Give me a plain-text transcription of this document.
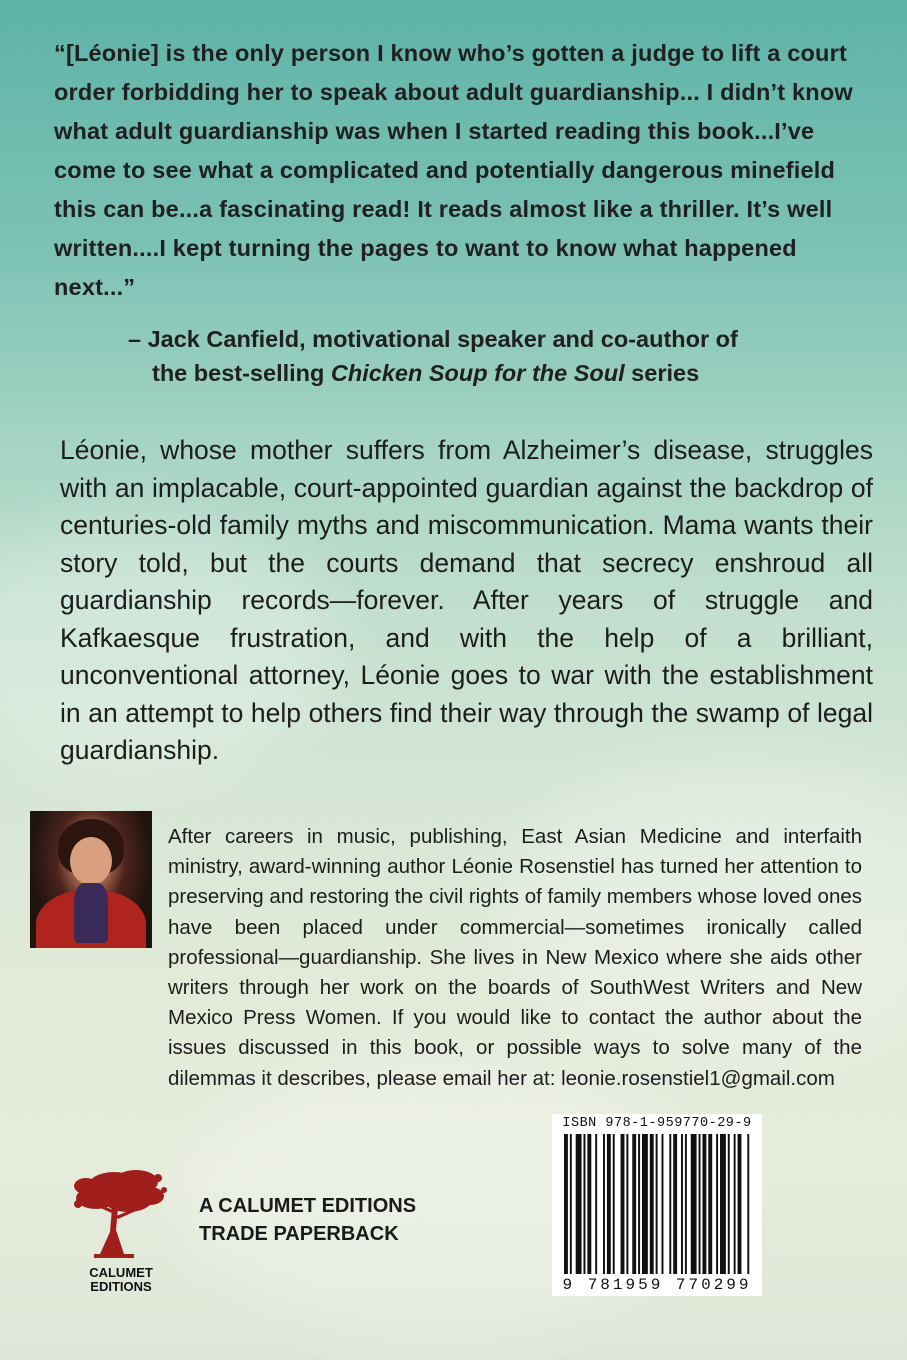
“[Léonie] is the only person I know who’s gotten a judge to lift a court order forbidding her to speak about adult guardianship... I didn’t know what adult guardianship was when I started reading this book...I’ve come to see what a complicated and potentially dangerous minefield this can be...a fascinating read! It reads almost like a thriller. It’s well written....I kept turning the pages to want to know what happened next...”

– Jack Canfield, motivational speaker and co-author of
the best-selling Chicken Soup for the Soul series
Léonie, whose mother suffers from Alzheimer’s disease, struggles with an implacable, court-appointed guardian against the backdrop of centuries-old family myths and miscommunication. Mama wants their story told, but the courts demand that secrecy enshroud all guardianship records—forever. After years of struggle and Kafkaesque frustration, and with the help of a brilliant, unconventional attorney, Léonie goes to war with the establishment in an attempt to help others find their way through the swamp of legal guardianship.
After careers in music, publishing, East Asian Medicine and interfaith ministry, award-winning author Léonie Rosenstiel has turned her attention to preserving and restoring the civil rights of family members whose loved ones have been placed under commercial—sometimes ironically called professional—guardianship. She lives in New Mexico where she aids other writers through her work on the boards of SouthWest Writers and New Mexico Press Women. If you would like to contact the author about the issues discussed in this book, or possible ways to solve many of the dilemmas it describes, please email her at: leonie.rosenstiel1@gmail.com
CALUMET
EDITIONS
A CALUMET EDITIONS
TRADE PAPERBACK
ISBN 978-1-959770-29-9
9 781959 770299
